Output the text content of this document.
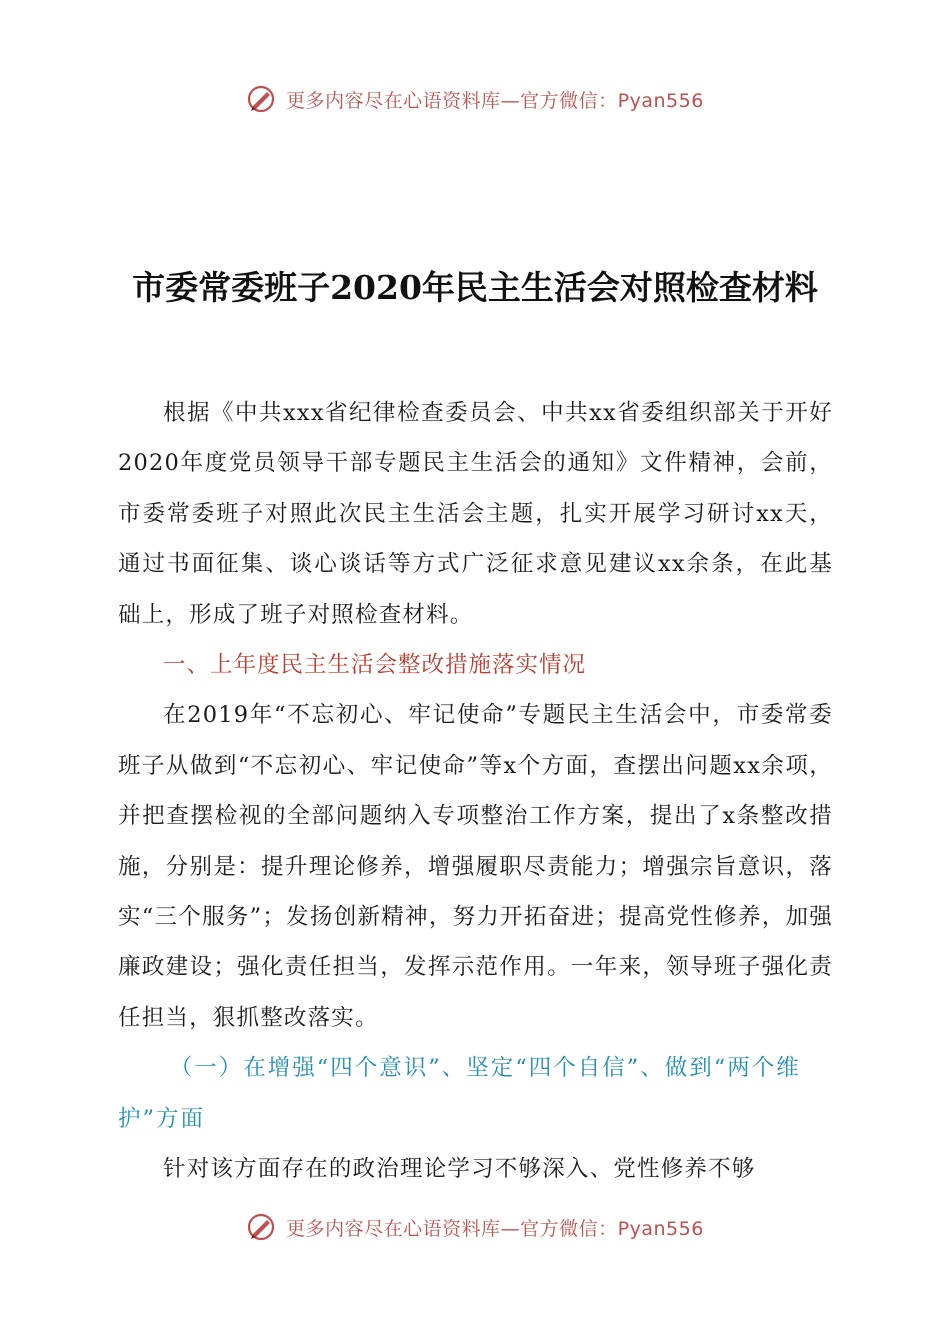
更多内容尽在心语资料库—官方微信：Pyan556
市委常委班子2020年民主生活会对照检查材料

根据《中共xxx省纪律检查委员会、中共xx省委组织部关于开好2020年度党员领导干部专题民主生活会的通知》文件精神，会前，市委常委班子对照此次民主生活会主题，扎实开展学习研讨xx天，通过书面征集、谈心谈话等方式广泛征求意见建议xx余条，在此基础上，形成了班子对照检查材料。

一、上年度民主生活会整改措施落实情况

在2019年“不忘初心、牢记使命”专题民主生活会中，市委常委班子从做到“不忘初心、牢记使命”等x个方面，查摆出问题xx余项，并把查摆检视的全部问题纳入专项整治工作方案，提出了x条整改措施，分别是：提升理论修养，增强履职尽责能力；增强宗旨意识，落实“三个服务”；发扬创新精神，努力开拓奋进；提高党性修养，加强廉政建设；强化责任担当，发挥示范作用。一年来，领导班子强化责任担当，狠抓整改落实。

（一）在增强“四个意识”、坚定“四个自信”、做到“两个维护”方面

针对该方面存在的政治理论学习不够深入、党性修养不够

更多内容尽在心语资料库—官方微信：Pyan556
